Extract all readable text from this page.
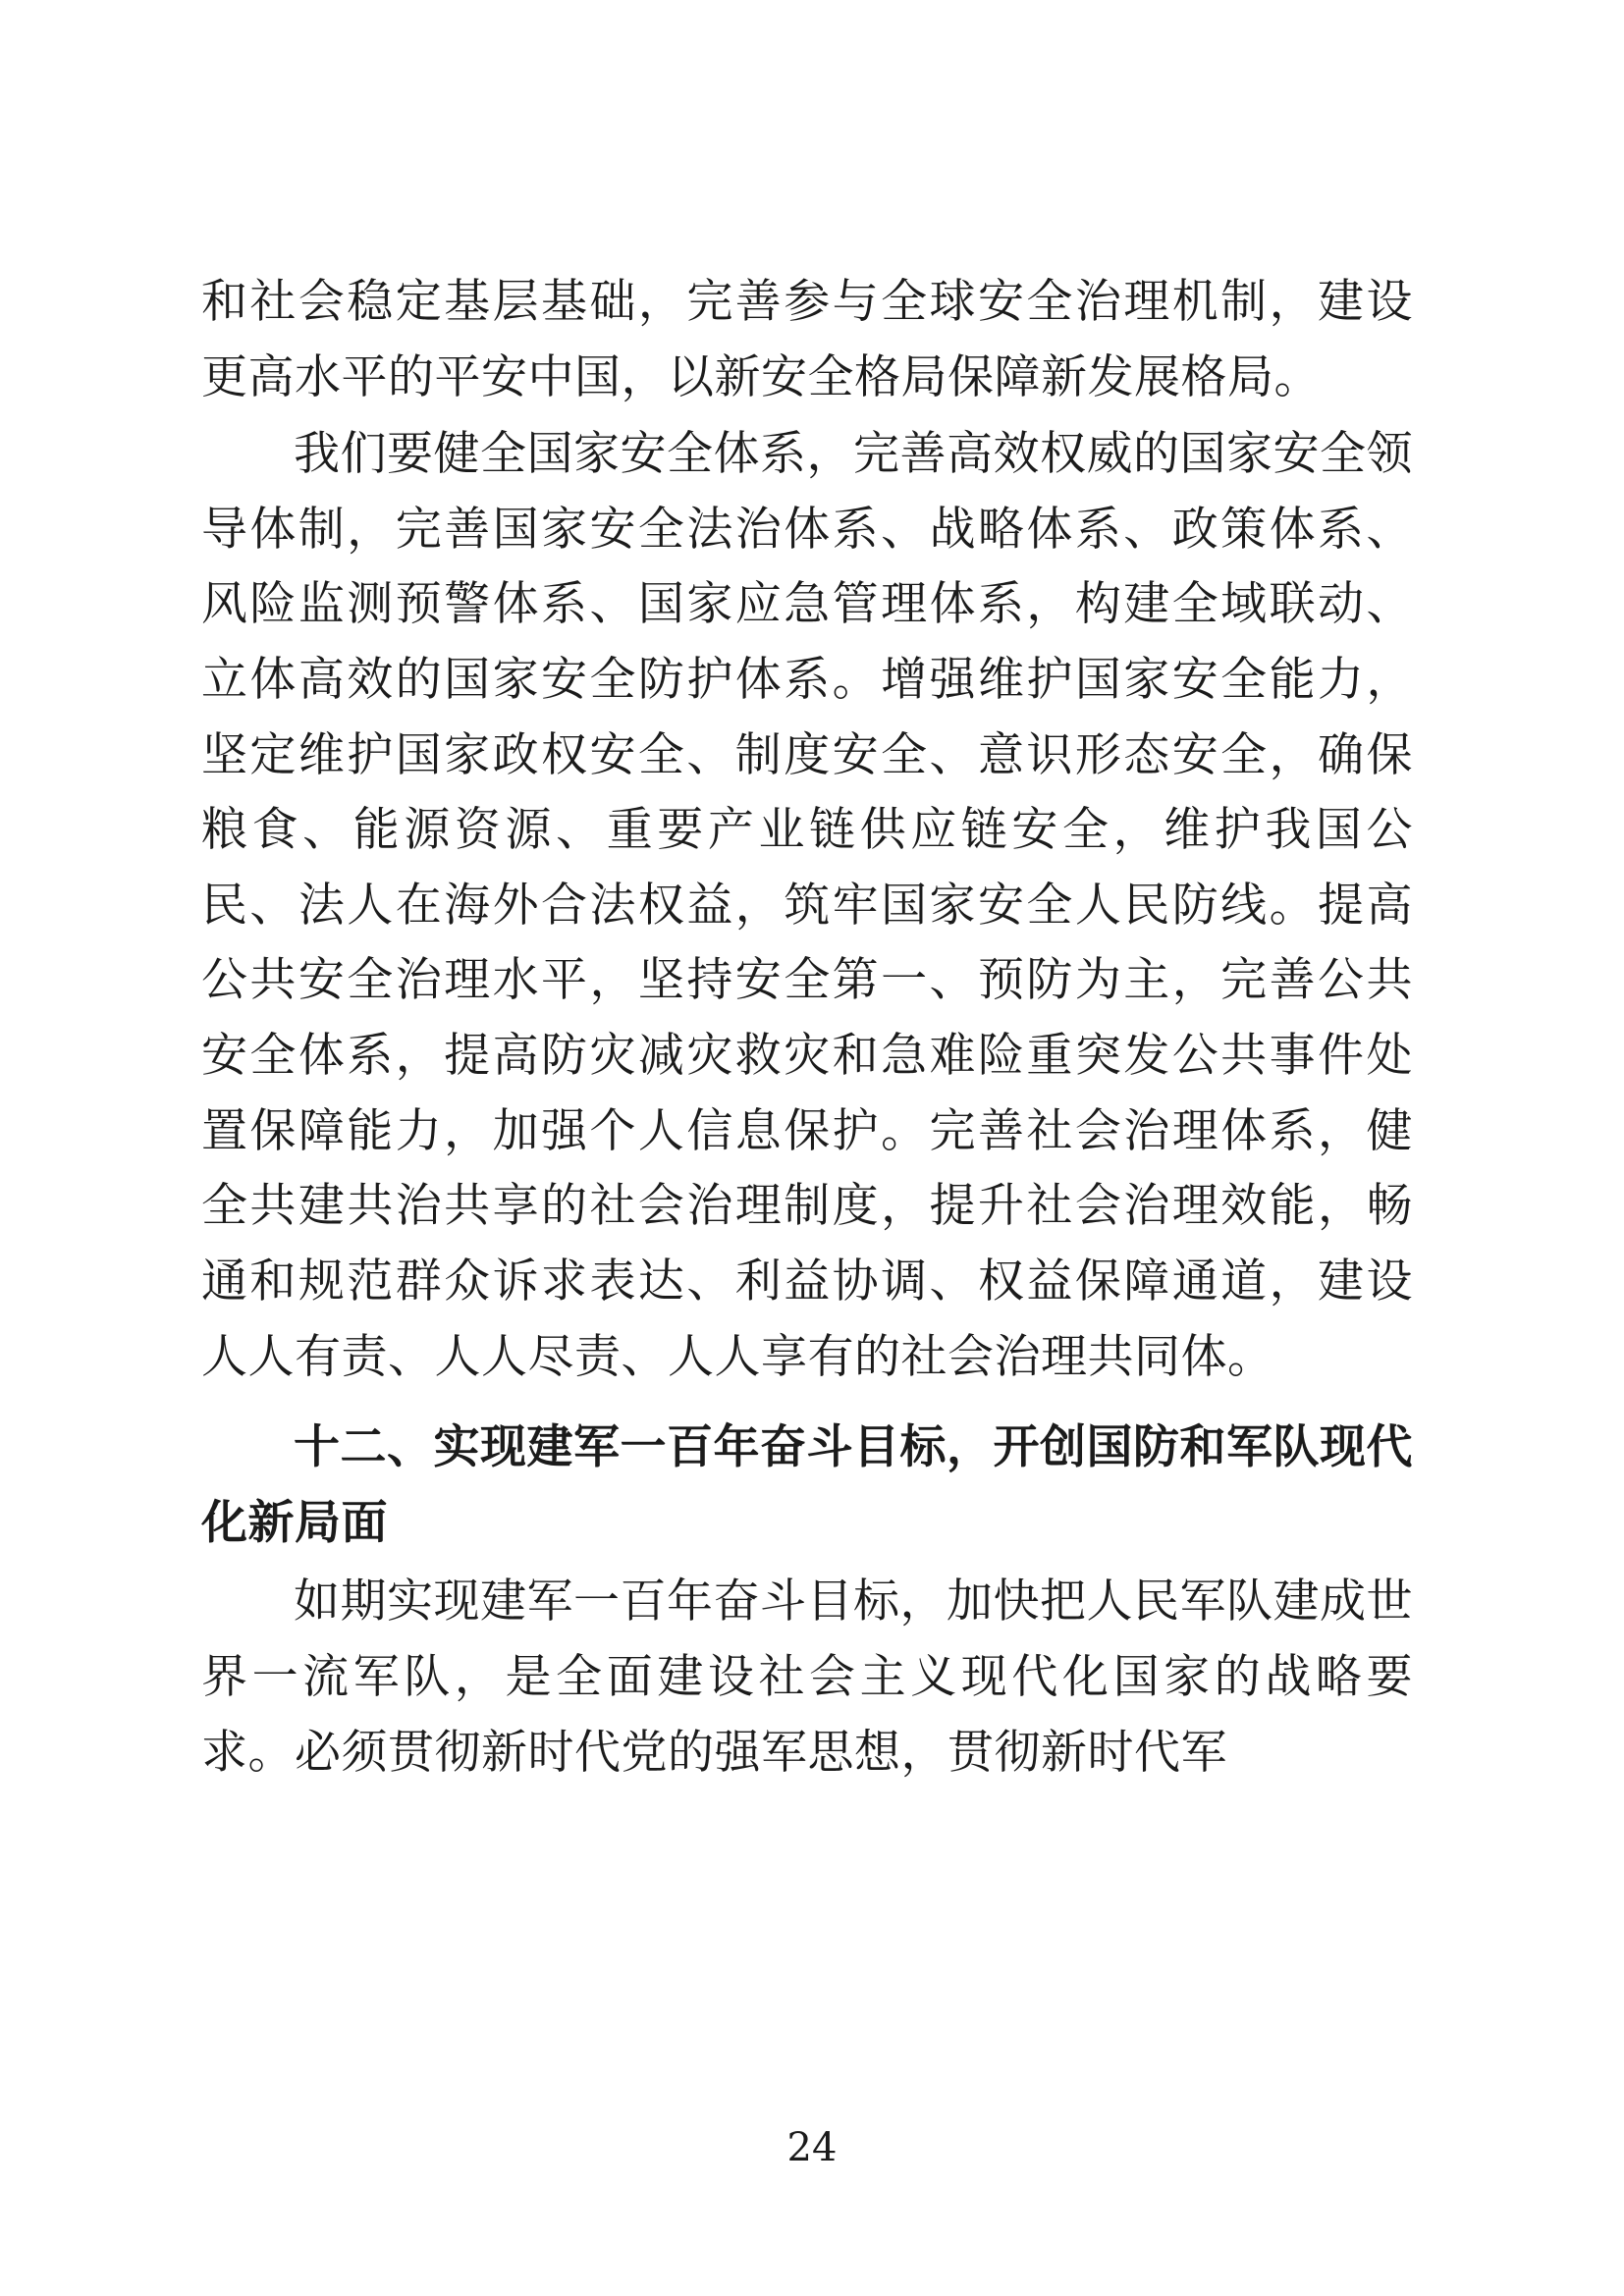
和社会稳定基层基础，完善参与全球安全治理机制，建设更高水平的平安中国，以新安全格局保障新发展格局。

我们要健全国家安全体系，完善高效权威的国家安全领导体制，完善国家安全法治体系、战略体系、政策体系、风险监测预警体系、国家应急管理体系，构建全域联动、立体高效的国家安全防护体系。增强维护国家安全能力，坚定维护国家政权安全、制度安全、意识形态安全，确保粮食、能源资源、重要产业链供应链安全，维护我国公民、法人在海外合法权益，筑牢国家安全人民防线。提高公共安全治理水平，坚持安全第一、预防为主，完善公共安全体系，提高防灾减灾救灾和急难险重突发公共事件处置保障能力，加强个人信息保护。完善社会治理体系，健全共建共治共享的社会治理制度，提升社会治理效能，畅通和规范群众诉求表达、利益协调、权益保障通道，建设人人有责、人人尽责、人人享有的社会治理共同体。

十二、实现建军一百年奋斗目标，开创国防和军队现代化新局面

如期实现建军一百年奋斗目标，加快把人民军队建成世界一流军队，是全面建设社会主义现代化国家的战略要求。必须贯彻新时代党的强军思想，贯彻新时代军

24
